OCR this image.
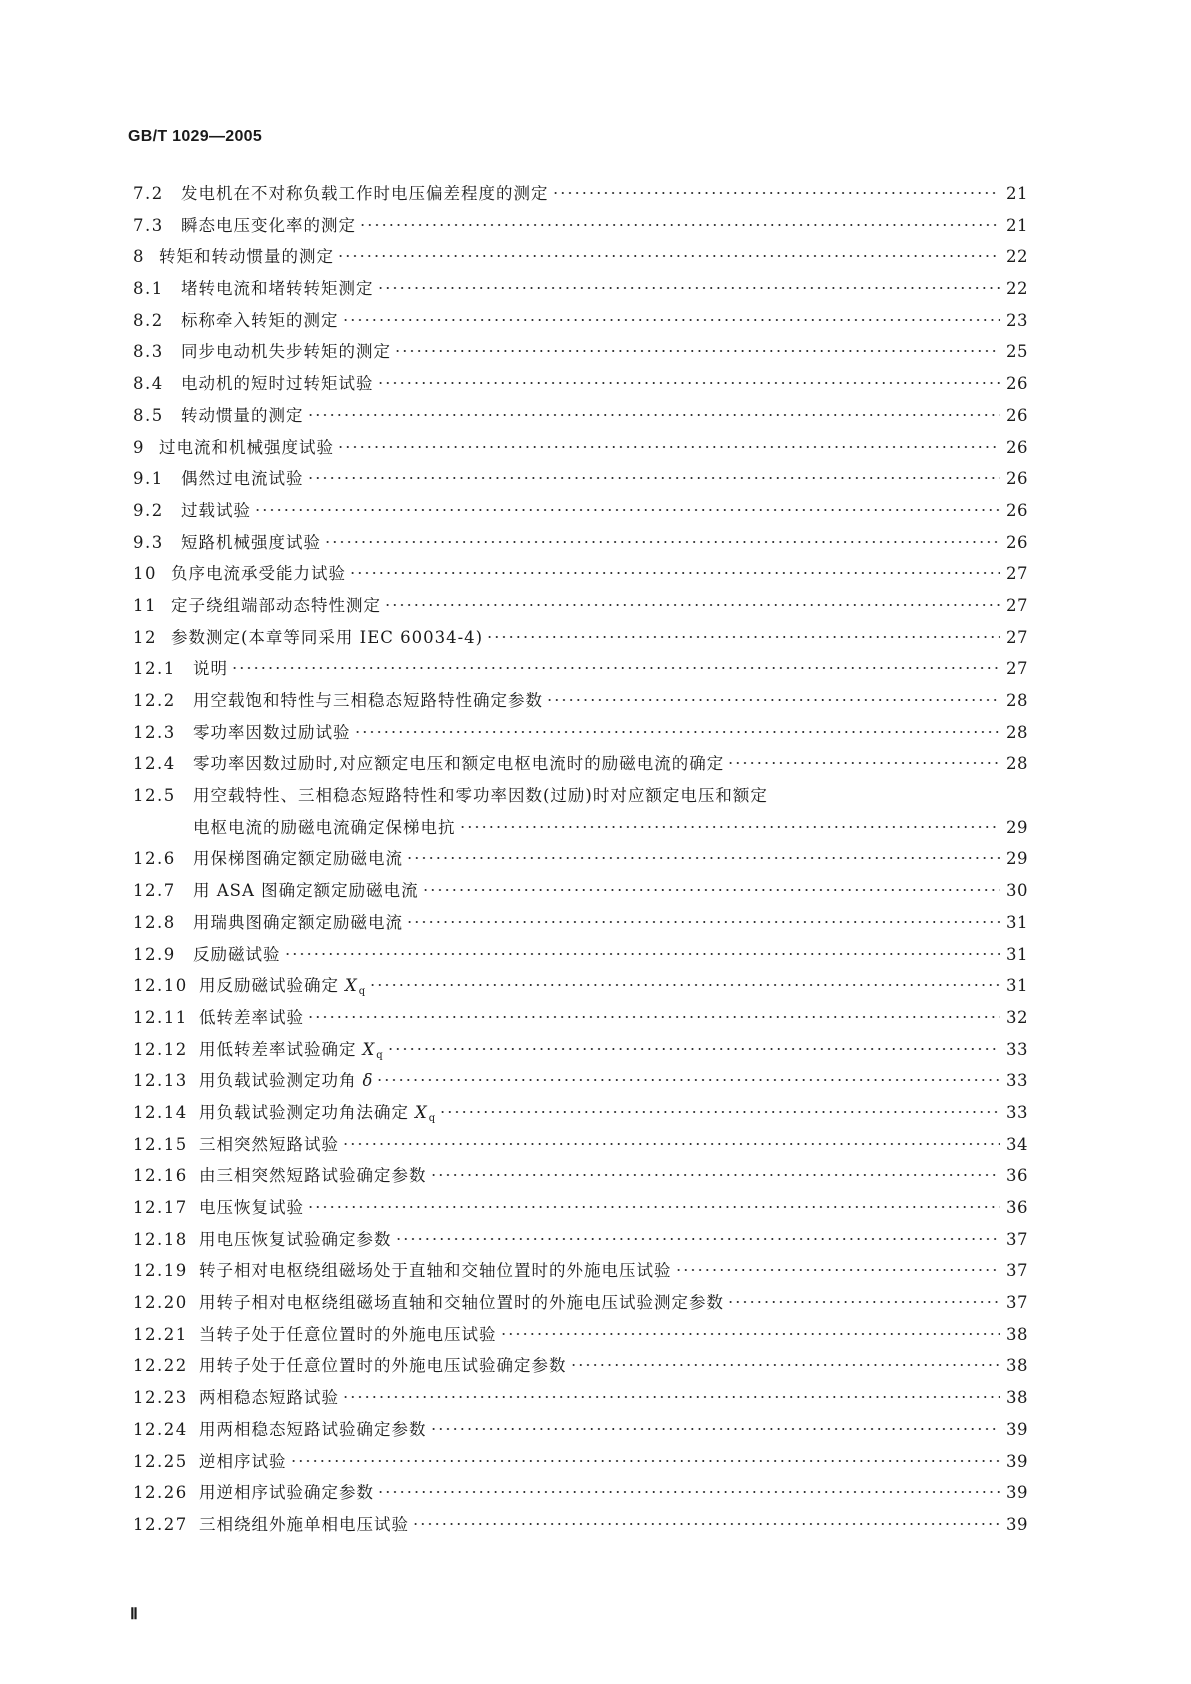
GB/T 1029—2005
7.2	发电机在不对称负载工作时电压偏差程度的测定	21
7.3	瞬态电压变化率的测定	21
8 转矩和转动惯量的测定	22
8.1	堵转电流和堵转转矩测定	22
8.2	标称牵入转矩的测定	23
8.3	同步电动机失步转矩的测定	25
8.4	电动机的短时过转矩试验	26
8.5	转动惯量的测定	26
9 过电流和机械强度试验	26
9.1	偶然过电流试验	26
9.2	过载试验	26
9.3	短路机械强度试验	26
10 负序电流承受能力试验	27
11 定子绕组端部动态特性测定	27
12 参数测定(本章等同采用 IEC 60034-4)	27
12.1	说明	27
12.2	用空载饱和特性与三相稳态短路特性确定参数	28
12.3	零功率因数过励试验	28
12.4	零功率因数过励时,对应额定电压和额定电枢电流时的励磁电流的确定	28
12.5	用空载特性、三相稳态短路特性和零功率因数(过励)时对应额定电压和额定
电枢电流的励磁电流确定保梯电抗	29
12.6	用保梯图确定额定励磁电流	29
12.7	用 ASA 图确定额定励磁电流	30
12.8	用瑞典图确定额定励磁电流	31
12.9	反励磁试验	31
12.10 用反励磁试验确定 Xq	31
12.11 低转差率试验	32
12.12 用低转差率试验确定 Xq	33
12.13 用负载试验测定功角 δ	33
12.14 用负载试验测定功角法确定 Xq	33
12.15 三相突然短路试验	34
12.16 由三相突然短路试验确定参数	36
12.17 电压恢复试验	36
12.18 用电压恢复试验确定参数	37
12.19 转子相对电枢绕组磁场处于直轴和交轴位置时的外施电压试验	37
12.20 用转子相对电枢绕组磁场直轴和交轴位置时的外施电压试验测定参数	37
12.21 当转子处于任意位置时的外施电压试验	38
12.22 用转子处于任意位置时的外施电压试验确定参数	38
12.23 两相稳态短路试验	38
12.24 用两相稳态短路试验确定参数	39
12.25 逆相序试验	39
12.26 用逆相序试验确定参数	39
12.27 三相绕组外施单相电压试验	39
Ⅱ
